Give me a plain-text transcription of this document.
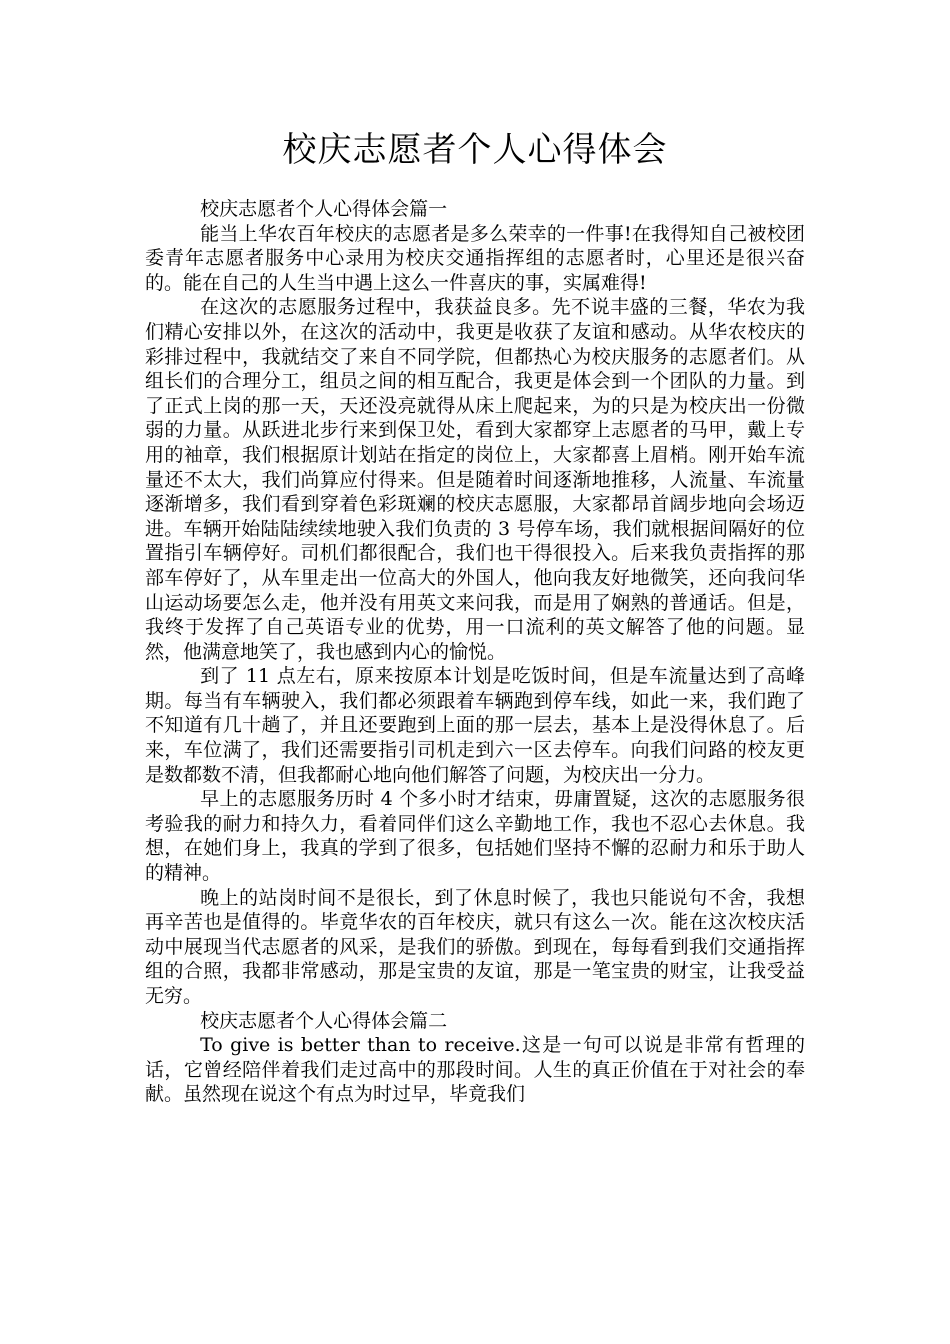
校庆志愿者个人心得体会

校庆志愿者个人心得体会篇一

能当上华农百年校庆的志愿者是多么荣幸的一件事!在我得知自己被校团委青年志愿者服务中心录用为校庆交通指挥组的志愿者时，心里还是很兴奋的。能在自己的人生当中遇上这么一件喜庆的事，实属难得!

在这次的志愿服务过程中，我获益良多。先不说丰盛的三餐，华农为我们精心安排以外，在这次的活动中，我更是收获了友谊和感动。从华农校庆的彩排过程中，我就结交了来自不同学院，但都热心为校庆服务的志愿者们。从组长们的合理分工，组员之间的相互配合，我更是体会到一个团队的力量。到了正式上岗的那一天，天还没亮就得从床上爬起来，为的只是为校庆出一份微弱的力量。从跃进北步行来到保卫处，看到大家都穿上志愿者的马甲，戴上专用的袖章，我们根据原计划站在指定的岗位上，大家都喜上眉梢。刚开始车流量还不太大，我们尚算应付得来。但是随着时间逐渐地推移，人流量、车流量逐渐增多，我们看到穿着色彩斑斓的校庆志愿服，大家都昂首阔步地向会场迈进。车辆开始陆陆续续地驶入我们负责的 3 号停车场，我们就根据间隔好的位置指引车辆停好。司机们都很配合，我们也干得很投入。后来我负责指挥的那部车停好了，从车里走出一位高大的外国人，他向我友好地微笑，还向我问华山运动场要怎么走，他并没有用英文来问我，而是用了娴熟的普通话。但是，我终于发挥了自己英语专业的优势，用一口流利的英文解答了他的问题。显然，他满意地笑了，我也感到内心的愉悦。

到了 11 点左右，原来按原本计划是吃饭时间，但是车流量达到了高峰期。每当有车辆驶入，我们都必须跟着车辆跑到停车线，如此一来，我们跑了不知道有几十趟了，并且还要跑到上面的那一层去，基本上是没得休息了。后来，车位满了，我们还需要指引司机走到六一区去停车。向我们问路的校友更是数都数不清，但我都耐心地向他们解答了问题，为校庆出一分力。

早上的志愿服务历时 4 个多小时才结束，毋庸置疑，这次的志愿服务很考验我的耐力和持久力，看着同伴们这么辛勤地工作，我也不忍心去休息。我想，在她们身上，我真的学到了很多，包括她们坚持不懈的忍耐力和乐于助人的精神。

晚上的站岗时间不是很长，到了休息时候了，我也只能说句不舍，我想再辛苦也是值得的。毕竟华农的百年校庆，就只有这么一次。能在这次校庆活动中展现当代志愿者的风采，是我们的骄傲。到现在，每每看到我们交通指挥组的合照，我都非常感动，那是宝贵的友谊，那是一笔宝贵的财宝，让我受益无穷。

校庆志愿者个人心得体会篇二

To give is better than to receive.这是一句可以说是非常有哲理的话，它曾经陪伴着我们走过高中的那段时间。人生的真正价值在于对社会的奉献。虽然现在说这个有点为时过早，毕竟我们
